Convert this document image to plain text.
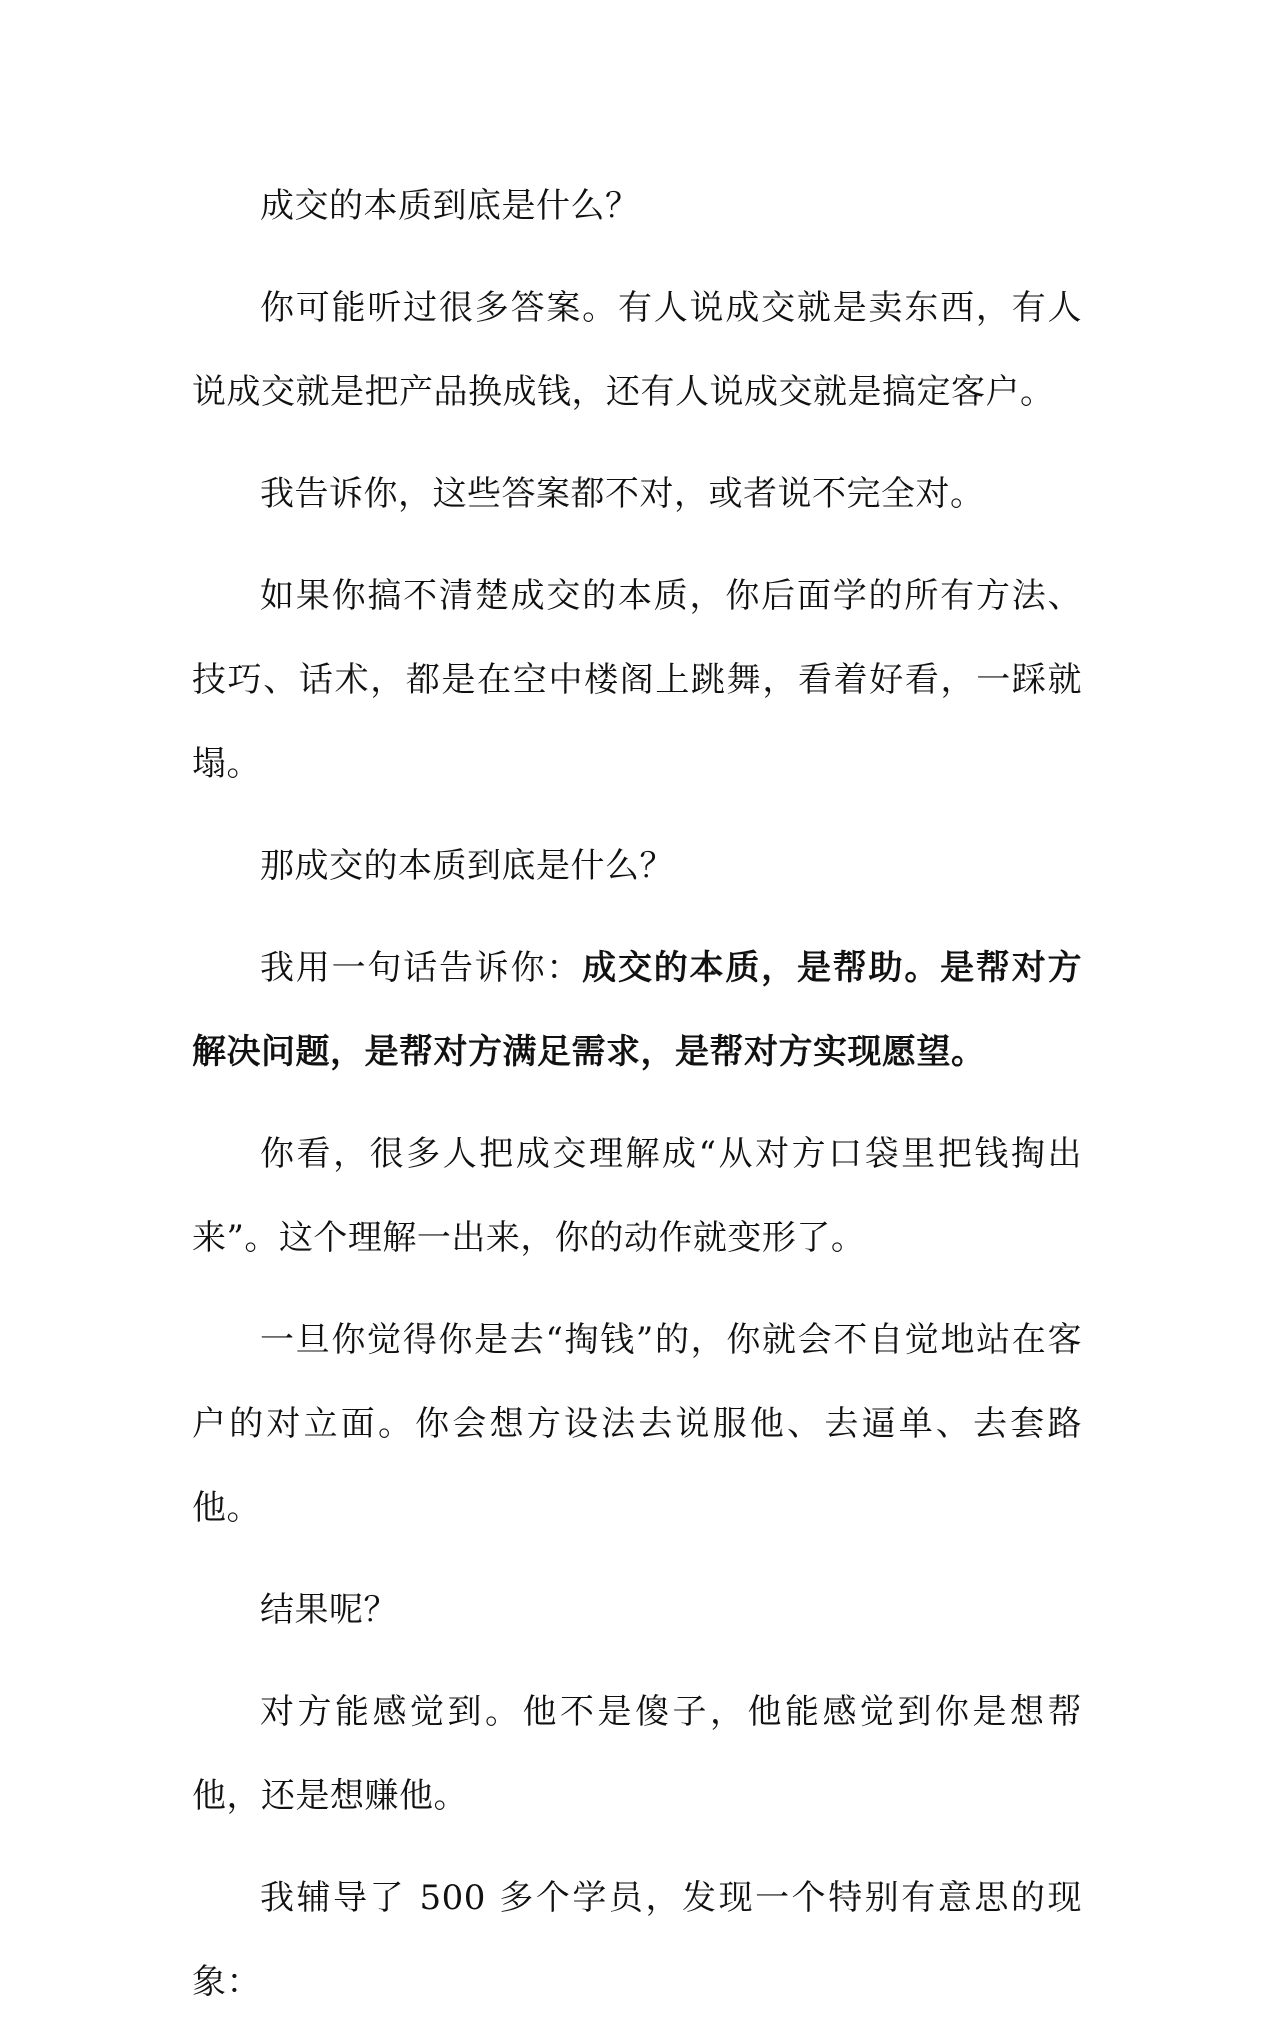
成交的本质到底是什么？

你可能听过很多答案。有人说成交就是卖东西，有人说成交就是把产品换成钱，还有人说成交就是搞定客户。

我告诉你，这些答案都不对，或者说不完全对。

如果你搞不清楚成交的本质，你后面学的所有方法、技巧、话术，都是在空中楼阁上跳舞，看着好看，一踩就塌。

那成交的本质到底是什么？

我用一句话告诉你：成交的本质，是帮助。是帮对方解决问题，是帮对方满足需求，是帮对方实现愿望。

你看，很多人把成交理解成“从对方口袋里把钱掏出来”。这个理解一出来，你的动作就变形了。

一旦你觉得你是去“掏钱”的，你就会不自觉地站在客户的对立面。你会想方设法去说服他、去逼单、去套路他。

结果呢？

对方能感觉到。他不是傻子，他能感觉到你是想帮他，还是想赚他。

我辅导了 500 多个学员，发现一个特别有意思的现象：
